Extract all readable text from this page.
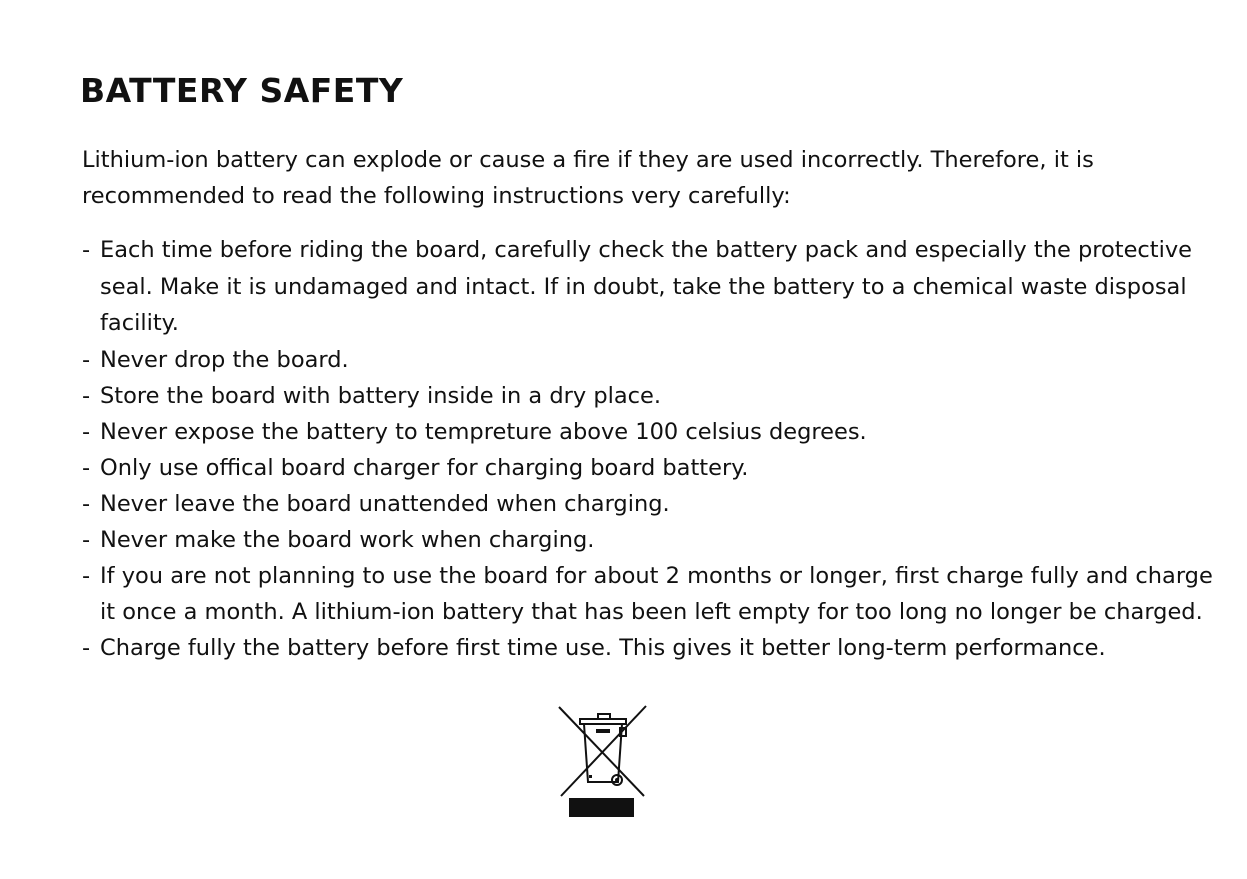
BATTERY SAFETY

Lithium-ion battery can explode or cause a fire if they are used incorrectly. Therefore, it is recommended to read the following instructions very carefully:

- Each time before riding the board, carefully check the battery pack and especially the protective seal. Make it is undamaged and intact. If in doubt, take the battery to a chemical waste disposal facility.
- Never drop the board.
- Store the board with battery inside in a dry place.
- Never expose the battery to tempreture above 100 celsius degrees.
- Only use offical board charger for charging board battery.
- Never leave the board unattended when charging.
- Never make the board work when charging.
- If you are not planning to use the board for about 2 months or longer, first charge fully and charge it once a month. A lithium-ion battery that has been left empty for too long no longer be charged.
- Charge fully the battery before first time use. This gives it better long-term performance.
